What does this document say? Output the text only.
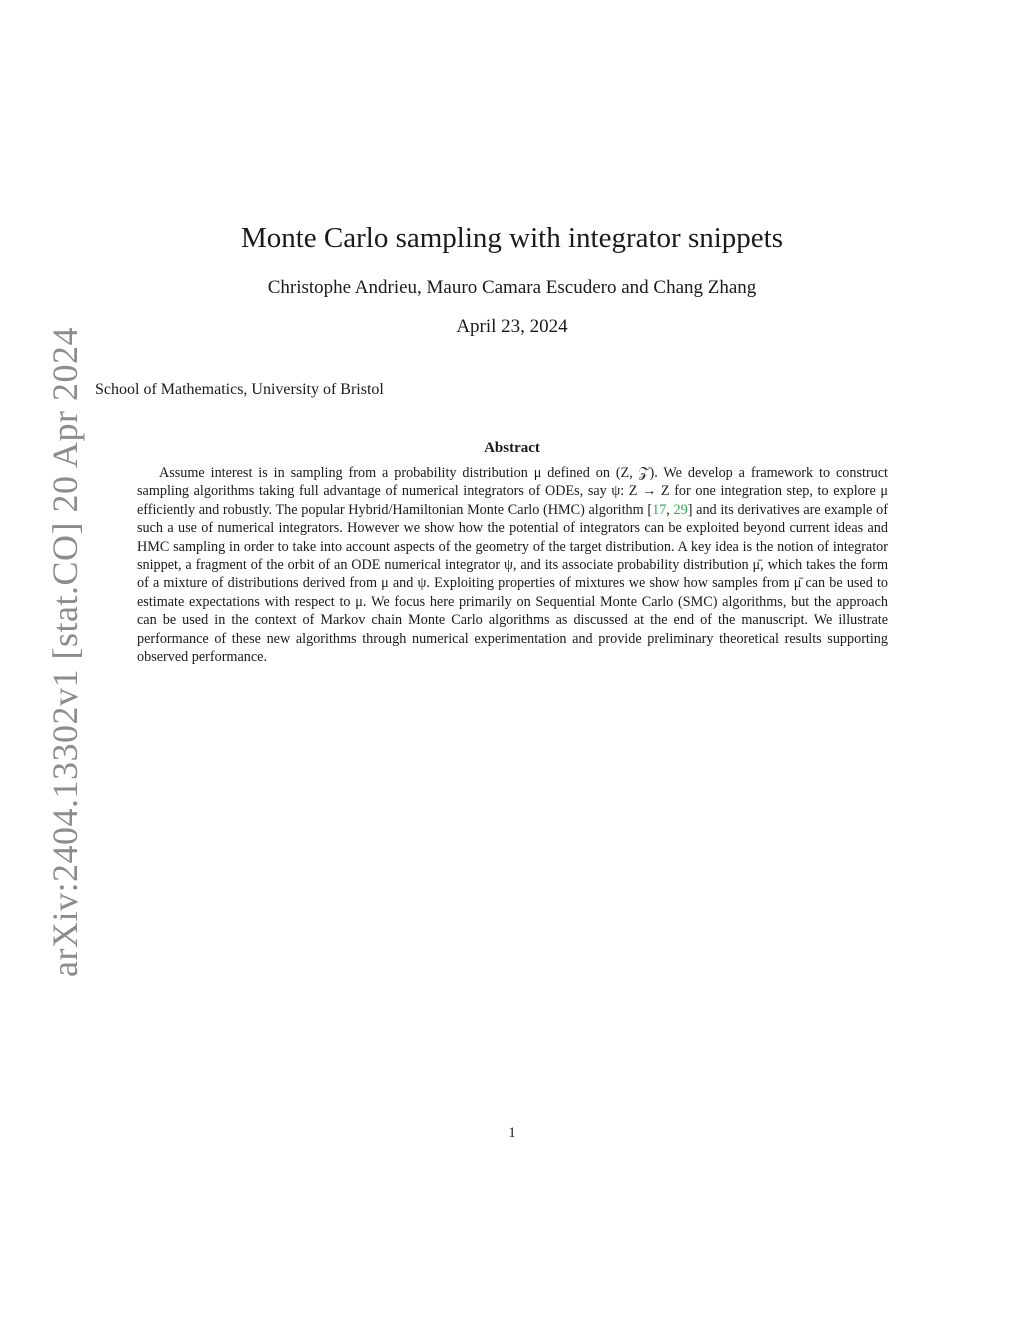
arXiv:2404.13302v1 [stat.CO] 20 Apr 2024
Monte Carlo sampling with integrator snippets
Christophe Andrieu, Mauro Camara Escudero and Chang Zhang
April 23, 2024
School of Mathematics, University of Bristol
Abstract

Assume interest is in sampling from a probability distribution μ defined on (Z, 𝒵). We develop a framework to construct sampling algorithms taking full advantage of numerical integrators of ODEs, say ψ: Z → Z for one integration step, to explore μ efficiently and robustly. The popular Hybrid/Hamiltonian Monte Carlo (HMC) algorithm [17, 29] and its derivatives are example of such a use of numerical integrators. However we show how the potential of integrators can be exploited beyond current ideas and HMC sampling in order to take into account aspects of the geometry of the target distribution. A key idea is the notion of integrator snippet, a fragment of the orbit of an ODE numerical integrator ψ, and its associate probability distribution μ̄, which takes the form of a mixture of distributions derived from μ and ψ. Exploiting properties of mixtures we show how samples from μ̄ can be used to estimate expectations with respect to μ. We focus here primarily on Sequential Monte Carlo (SMC) algorithms, but the approach can be used in the context of Markov chain Monte Carlo algorithms as discussed at the end of the manuscript. We illustrate performance of these new algorithms through numerical experimentation and provide preliminary theoretical results supporting observed performance.

1
